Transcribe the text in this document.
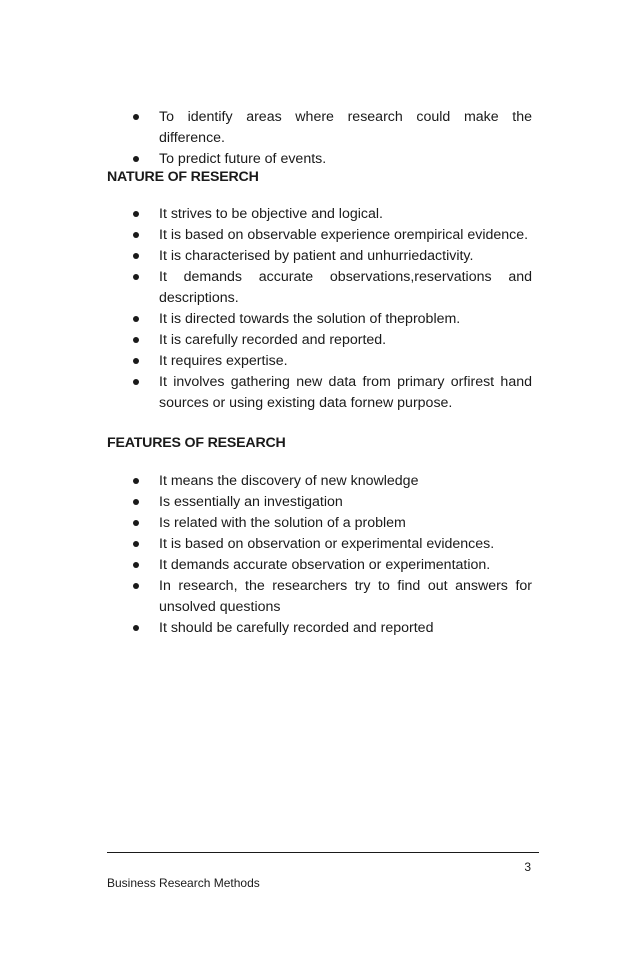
To identify areas where research could make the difference.
To predict future of events.
NATURE OF RESERCH
It strives to be objective and logical.
It is based on observable experience orempirical evidence.
It is characterised by patient and unhurriedactivity.
It demands accurate observations,reservations and descriptions.
It is directed towards the solution of theproblem.
It is carefully recorded and reported.
It requires expertise.
It involves gathering new data from primary orfirest hand sources or using existing data fornew purpose.
FEATURES OF RESEARCH
It means the discovery of new knowledge
Is essentially an investigation
Is related with the solution of a problem
It is based on observation or experimental evidences.
It demands accurate observation or experimentation.
In research, the researchers try to find out answers for unsolved questions
It should be carefully recorded and reported
3
Business Research Methods
